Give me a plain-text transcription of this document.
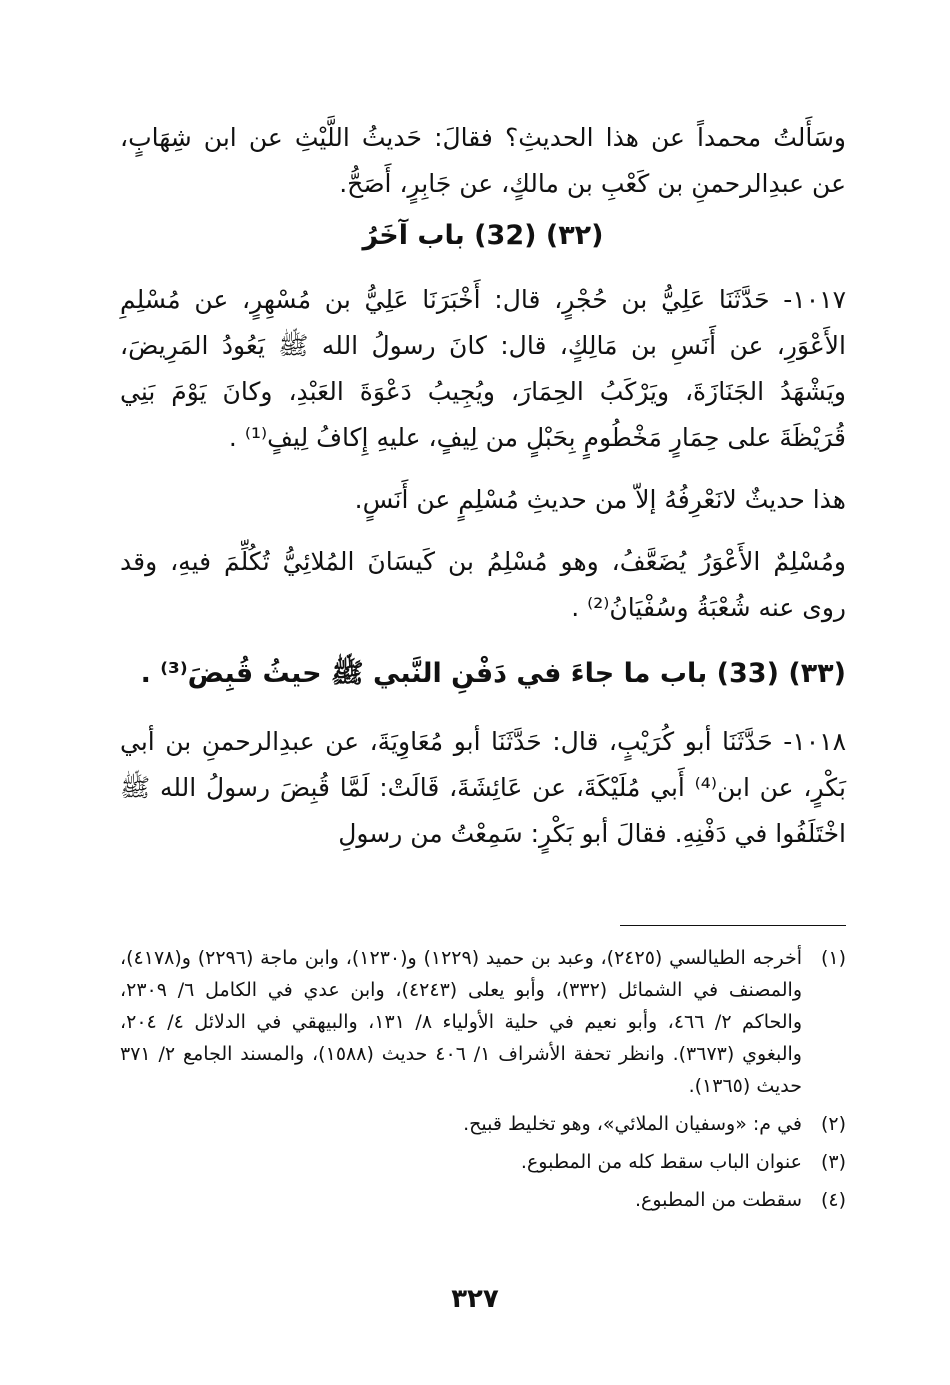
وسَأَلتُ محمداً عن هذا الحديثِ؟ فقالَ: حَديثُ اللَّيْثِ عن ابن شِهَابٍ، عن عبدِالرحمنِ بن كَعْبِ بن مالكٍ، عن جَابِرٍ، أَصَحُّ.

(٣٢) (32) باب آخَرُ

١٠١٧- حَدَّثَنَا عَلِيُّ بن حُجْرٍ، قال: أَخْبَرَنَا عَلِيُّ بن مُسْهِرٍ، عن مُسْلِمِ الأَعْوَرِ، عن أَنَسِ بن مَالِكٍ، قال: كانَ رسولُ الله ﷺ يَعُودُ المَرِيضَ، ويَشْهَدُ الجَنَازَةَ، ويَرْكَبُ الحِمَارَ، ويُجِيبُ دَعْوَةَ العَبْدِ، وكانَ يَوْمَ بَنِي قُرَيْظَةَ على حِمَارٍ مَخْطُومٍ بِحَبْلٍ من لِيفٍ، عليهِ إِكافُ لِيفٍ⁽¹⁾ .

هذا حديثٌ لانَعْرِفُهُ إلاّ من حديثِ مُسْلِمٍ عن أَنَسٍ.

ومُسْلِمٌ الأَعْوَرُ يُضَعَّفُ، وهو مُسْلِمُ بن كَيسَانَ المُلائِيُّ تُكُلِّمَ فيهِ، وقد روى عنه شُعْبَةُ وسُفْيَانُ⁽²⁾ .

(٣٣) (33) باب ما جاءَ في دَفْنِ النَّبي ﷺ حيثُ قُبِضَ⁽³⁾ .

١٠١٨- حَدَّثَنَا أبو كُرَيْبٍ، قال: حَدَّثَنَا أبو مُعَاوِيَةَ، عن عبدِالرحمنِ بن أبي بَكْرٍ، عن ابن⁽⁴⁾ أَبي مُلَيْكَةَ، عن عَائِشَةَ، قَالَتْ: لَمَّا قُبِضَ رسولُ الله ﷺ اخْتَلَفُوا في دَفْنِهِ. فقالَ أبو بَكْرٍ: سَمِعْتُ من رسولِ

(١)
أخرجه الطيالسي (٢٤٢٥)، وعبد بن حميد (١٢٢٩) و(١٢٣٠)، وابن ماجة (٢٢٩٦) و(٤١٧٨)، والمصنف في الشمائل (٣٣٢)، وأبو يعلى (٤٢٤٣)، وابن عدي في الكامل ٦/ ٢٣٠٩، والحاكم ٢/ ٤٦٦، وأبو نعيم في حلية الأولياء ٨/ ١٣١، والبيهقي في الدلائل ٤/ ٢٠٤، والبغوي (٣٦٧٣). وانظر تحفة الأشراف ١/ ٤٠٦ حديث (١٥٨٨)، والمسند الجامع ٢/ ٣٧١ حديث (١٣٦٥).
(٢)
في م: «وسفيان الملائي»، وهو تخليط قبيح.
(٣)
عنوان الباب سقط كله من المطبوع.
(٤)
سقطت من المطبوع.
٣٢٧
